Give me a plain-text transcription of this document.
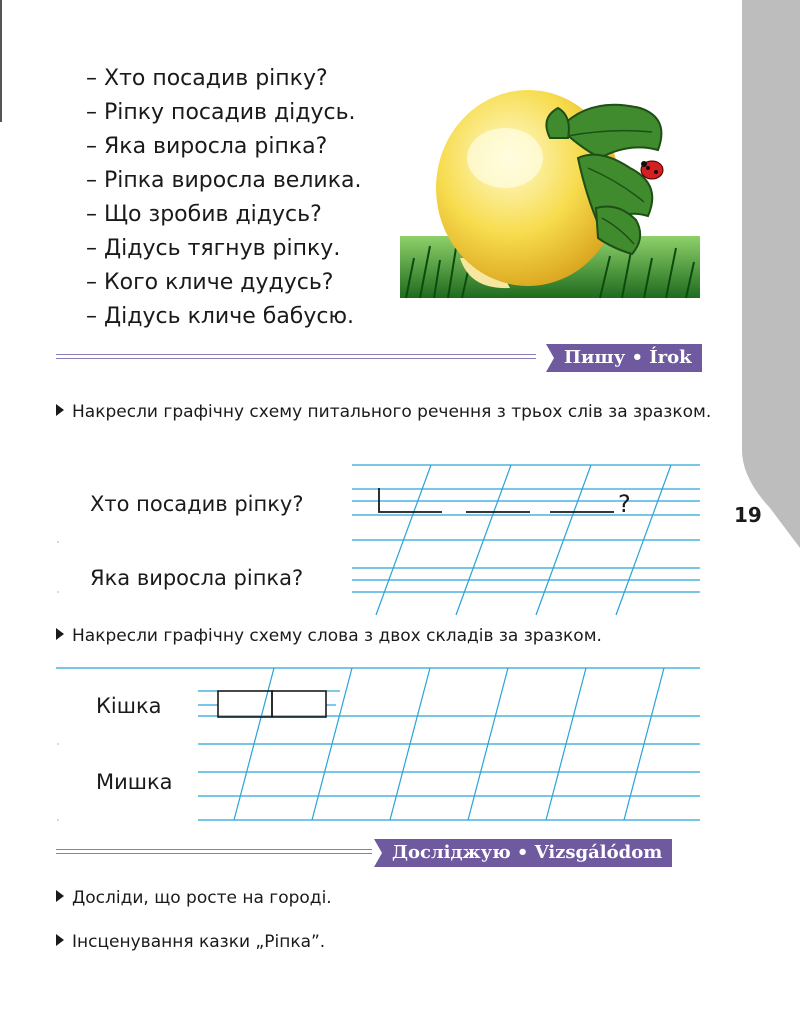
– Хто посадив ріпку?
– Ріпку посадив дідусь.
– Яка виросла ріпка?
– Ріпка виросла велика.
– Що зробив дідусь?
– Дідусь тягнув ріпку.
– Кого кличе дудусь?
– Дідусь кличе бабусю.
Пишу • Írok
Накресли графічну схему питального речення з трьох слів за зразком.
?
Хто посадив ріпку?
Яка виросла ріпка?
19
Накресли графічну схему слова з двох складів за зразком.
Кішка
Мишка
Досліджую • Vizsgálódom
Досліди, що росте на городі.
Інсценування казки „Ріпка”.
